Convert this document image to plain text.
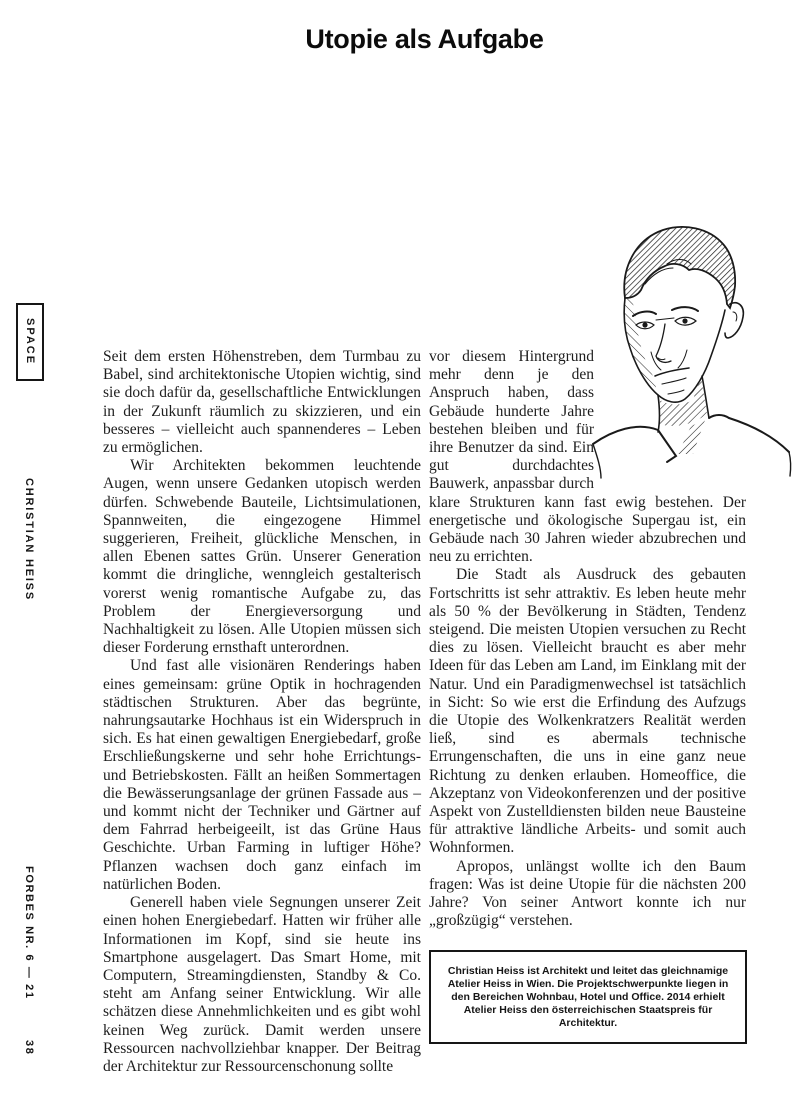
Utopie als Aufgabe
SPACE
CHRISTIAN HEISS
FORBES NR. 6 — 21
38

Seit dem ersten Höhenstreben, dem Turmbau zu Babel, sind architektonische Utopien wichtig, sind sie doch dafür da, gesellschaftliche Entwicklungen in der Zukunft räumlich zu skizzieren, und ein besseres – vielleicht auch spannenderes – Leben zu ermöglichen.

Wir Architekten bekommen leuchtende Augen, wenn unsere Gedanken utopisch werden dürfen. Schwebende Bauteile, Lichtsimulationen, Spannweiten, die eingezogene Himmel suggerieren, Freiheit, glückliche Menschen, in allen Ebenen sattes Grün. Unserer Generation kommt die dringliche, wenngleich gestalterisch vorerst wenig romantische Aufgabe zu, das Problem der Energieversorgung und Nachhaltigkeit zu lösen. Alle Utopien müssen sich dieser Forderung ernsthaft unterordnen.

Und fast alle visionären Renderings haben eines gemeinsam: grüne Optik in hochragenden städtischen Strukturen. Aber das begrünte, nahrungsautarke Hochhaus ist ein Widerspruch in sich. Es hat einen gewaltigen Energiebedarf, große Erschließungskerne und sehr hohe Errichtungs- und Betriebskosten. Fällt an heißen Sommertagen die Bewässerungsanlage der grünen Fassade aus – und kommt nicht der Techniker und Gärtner auf dem Fahrrad herbeigeeilt, ist das Grüne Haus Geschichte. Urban Farming in luftiger Höhe? Pflanzen wachsen doch ganz einfach im natürlichen Boden.

Generell haben viele Segnungen unserer Zeit einen hohen Energiebedarf. Hatten wir früher alle Informationen im Kopf, sind sie heute ins Smartphone ausgelagert. Das Smart Home, mit Computern, Streamingdiensten, Standby & Co. steht am Anfang seiner Entwicklung. Wir alle schätzen diese Annehmlichkeiten und es gibt wohl keinen Weg zurück. Damit werden unsere Ressourcen nachvollziehbar knapper. Der Beitrag der Architektur zur Ressourcenschonung sollte

vor diesem Hintergrund mehr denn je den Anspruch haben, dass Gebäude hunderte Jahre bestehen bleiben und für ihre Benutzer da sind. Ein gut durchdachtes Bauwerk, anpassbar durch klare Strukturen kann fast ewig bestehen. Der energetische und ökologische Supergau ist, ein Gebäude nach 30 Jahren wieder abzubrechen und neu zu errichten.

Die Stadt als Ausdruck des gebauten Fortschritts ist sehr attraktiv. Es leben heute mehr als 50 % der Bevölkerung in Städten, Tendenz steigend. Die meisten Utopien versuchen zu Recht dies zu lösen. Vielleicht braucht es aber mehr Ideen für das Leben am Land, im Einklang mit der Natur. Und ein Paradigmenwechsel ist tatsächlich in Sicht: So wie erst die Erfindung des Aufzugs die Utopie des Wolkenkratzers Realität werden ließ, sind es abermals technische Errungenschaften, die uns in eine ganz neue Richtung zu denken erlauben. Homeoffice, die Akzeptanz von Videokonferenzen und der positive Aspekt von Zustelldiensten bilden neue Bausteine für attraktive ländliche Arbeits- und somit auch Wohnformen.

Apropos, unlängst wollte ich den Baum fragen: Was ist deine Utopie für die nächsten 200 Jahre? Von seiner Antwort konnte ich nur „großzügig“ verstehen.

Christian Heiss ist Architekt und leitet das gleichnamige Atelier Heiss in Wien. Die Projektschwerpunkte liegen in den Bereichen Wohnbau, Hotel und Office. 2014 erhielt Atelier Heiss den österreichischen Staatspreis für Architektur.
